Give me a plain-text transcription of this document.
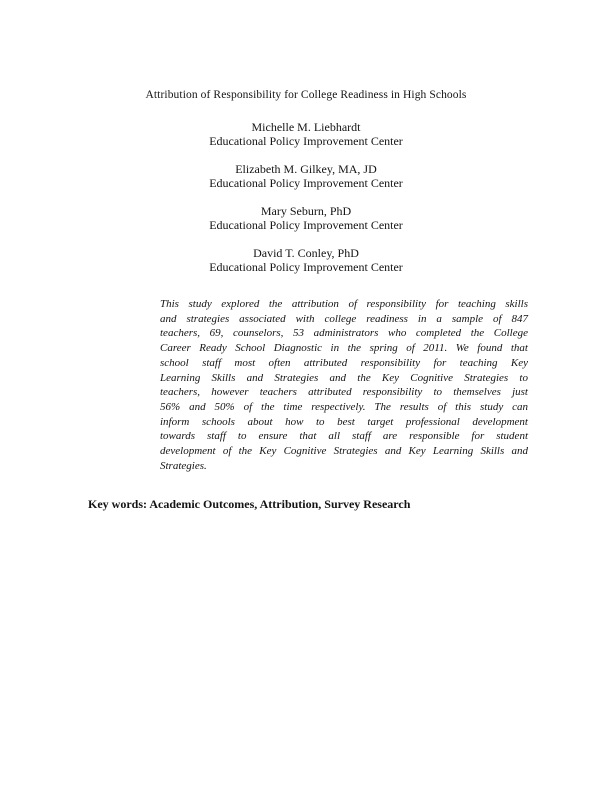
Attribution of Responsibility for College Readiness in High Schools
Michelle M. Liebhardt
Educational Policy Improvement Center
Elizabeth M. Gilkey, MA, JD
Educational Policy Improvement Center
Mary Seburn, PhD
Educational Policy Improvement Center
David T. Conley, PhD
Educational Policy Improvement Center
This study explored the attribution of responsibility for teaching skills
and strategies associated with college readiness in a sample of 847
teachers, 69, counselors, 53 administrators who completed the College
Career Ready School Diagnostic in the spring of 2011. We found that
school staff most often attributed responsibility for teaching Key
Learning Skills and Strategies and the Key Cognitive Strategies to
teachers, however teachers attributed responsibility to themselves just
56% and 50% of the time respectively. The results of this study can
inform schools about how to best target professional development
towards staff to ensure that all staff are responsible for student
development of the Key Cognitive Strategies and Key Learning Skills and
Strategies.

Key words: Academic Outcomes, Attribution, Survey Research
